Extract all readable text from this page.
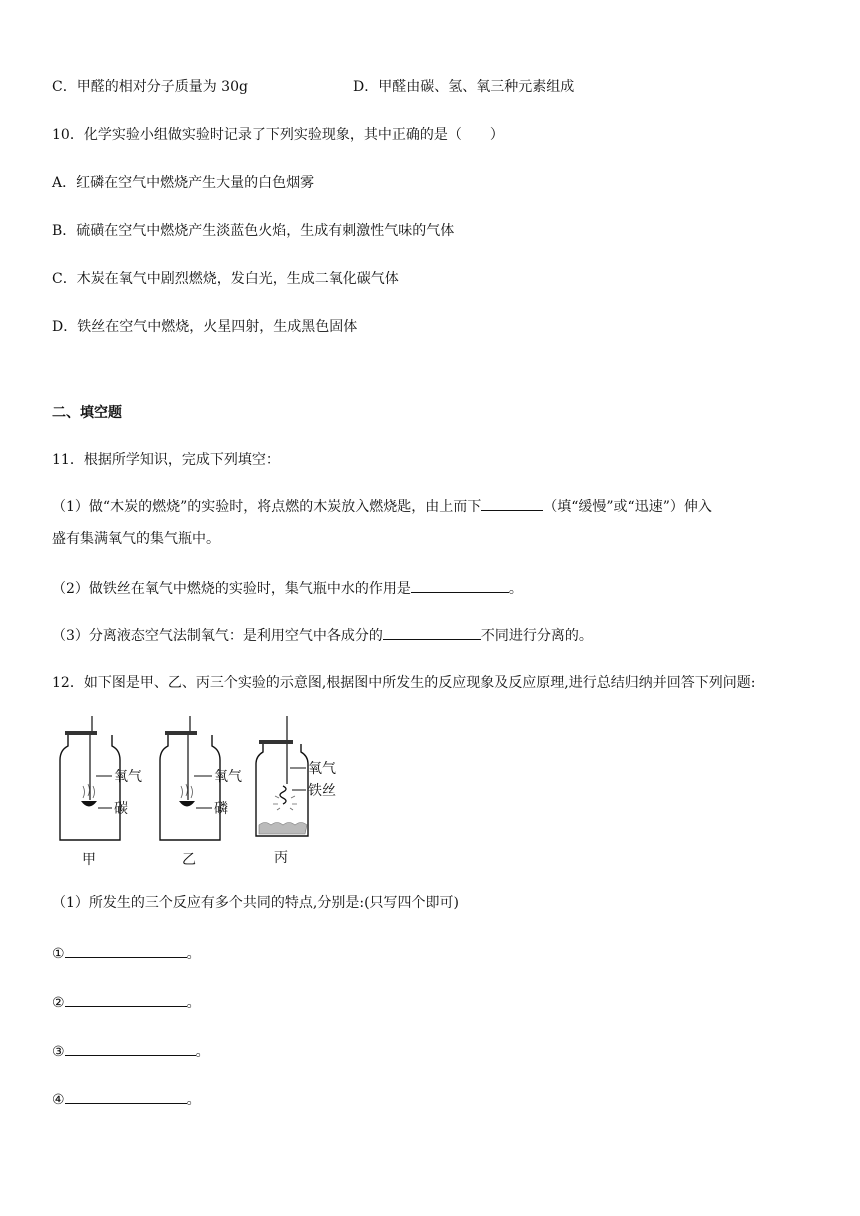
C．甲醛的相对分子质量为 30g	D．甲醛由碳、氢、氧三种元素组成
10．化学实验小组做实验时记录了下列实验现象，其中正确的是（　　）
A．红磷在空气中燃烧产生大量的白色烟雾
B．硫磺在空气中燃烧产生淡蓝色火焰，生成有刺激性气味的气体
C．木炭在氧气中剧烈燃烧，发白光，生成二氧化碳气体
D．铁丝在空气中燃烧，火星四射，生成黑色固体
二、填空题
11．根据所学知识，完成下列填空：
（1）做“木炭的燃烧”的实验时，将点燃的木炭放入燃烧匙，由上而下	（填“缓慢”或“迅速”）伸入
盛有集满氧气的集气瓶中。
（2）做铁丝在氧气中燃烧的实验时，集气瓶中水的作用是	。
（3）分离液态空气法制氧气：是利用空气中各成分的	不同进行分离的。
12．如下图是甲、乙、丙三个实验的示意图,根据图中所发生的反应现象及反应原理,进行总结归纳并回答下列问题:
氧气
碳
甲
氧气
磷
乙
氧气
铁丝
丙
（1）所发生的三个反应有多个共同的特点,分别是:(只写四个即可)
①	。
②	。
③	。
④	。
